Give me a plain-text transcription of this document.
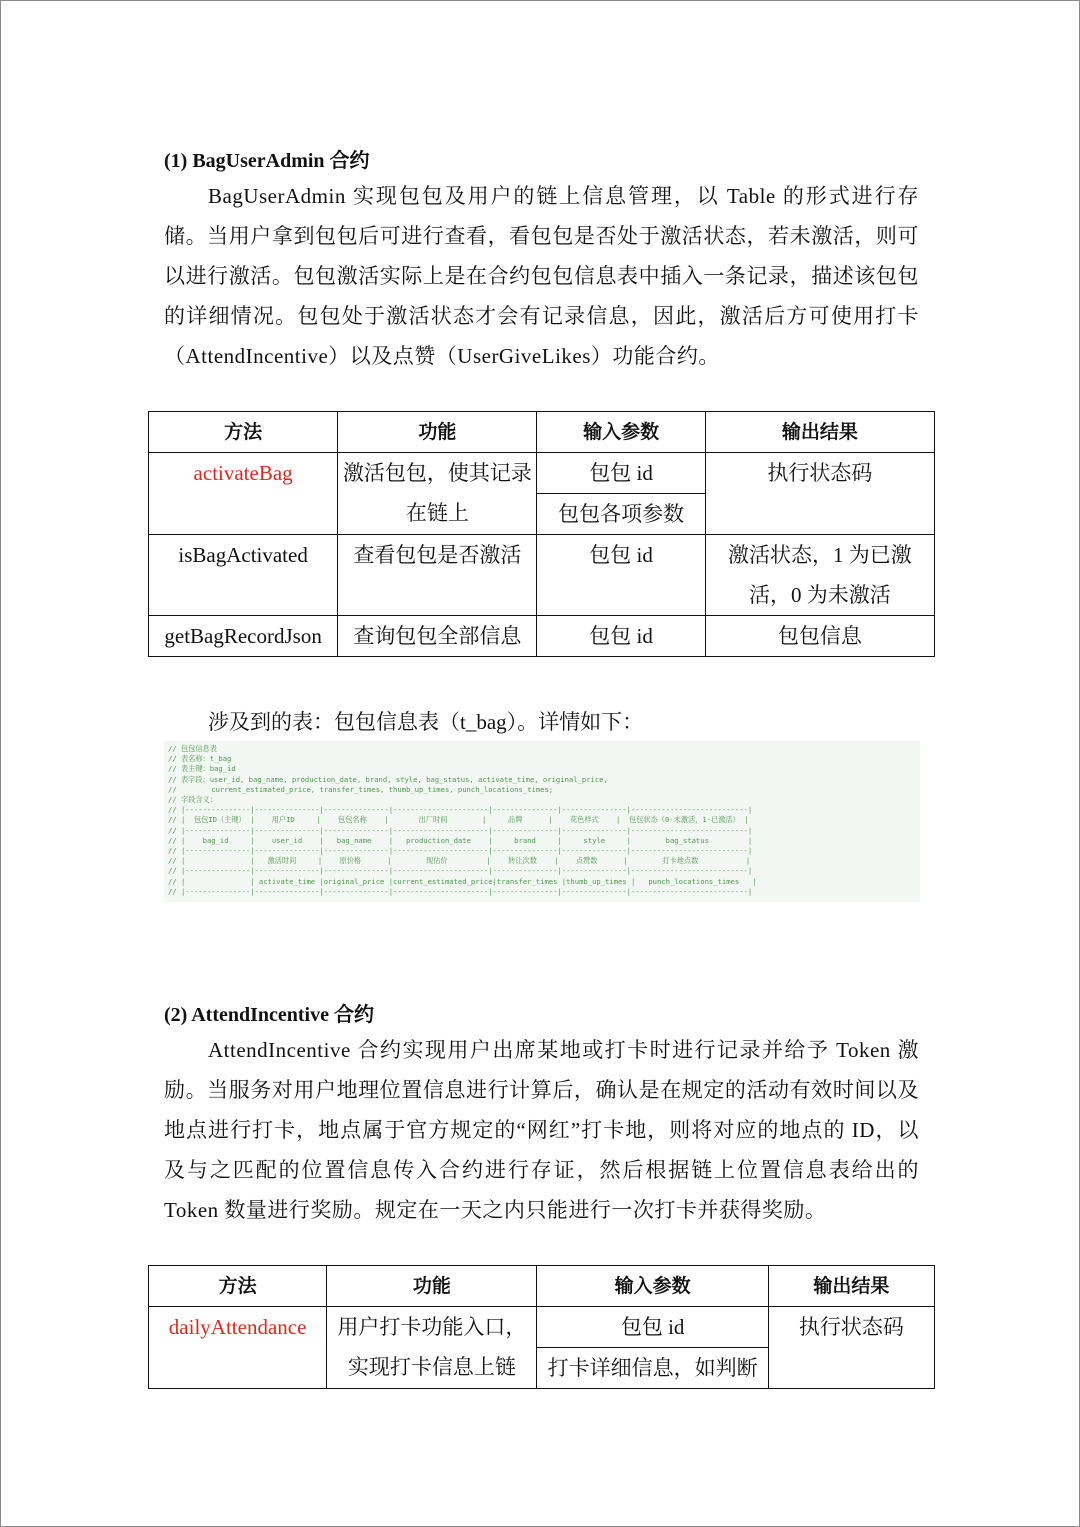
(1) BagUserAdmin 合约
BagUserAdmin 实现包包及用户的链上信息管理，以 Table 的形式进行存储。当用户拿到包包后可进行查看，看包包是否处于激活状态，若未激活，则可以进行激活。包包激活实际上是在合约包包信息表中插入一条记录，描述该包包的详细情况。包包处于激活状态才会有记录信息，因此，激活后方可使用打卡（AttendIncentive）以及点赞（UserGiveLikes）功能合约。
方法	功能	输入参数	输出结果
activateBag	激活包包，使其记录在链上	包包 id	执行状态码
		包包各项参数	
isBagActivated	查看包包是否激活	包包 id	激活状态，1 为已激活，0 为未激活
getBagRecordJson	查询包包全部信息	包包 id	包包信息
涉及到的表：包包信息表（t_bag）。详情如下：
// 包包信息表
// 表名称：t_bag
// 表主键：bag_id
// 表字段：user_id, bag_name, production_date, brand, style, bag_status, activate_time, original_price,
//        current_estimated_price, transfer_times, thumb_up_times, punch_locations_times;
// 字段含义：
// |---------------|---------------|---------------|----------------------|---------------|---------------|---------------------------|
// |  包包ID（主键） |    用户ID     |    包包名称    |       出厂时间        |     品牌      |    花色样式    |  包包状态（0-未激活，1-已激活） |
// |---------------|---------------|---------------|----------------------|---------------|---------------|---------------------------|
// |    bag_id     |    user_id    |   bag_name    |   production_date    |     brand     |     style     |        bag_status         |
// |---------------|---------------|---------------|----------------------|---------------|---------------|---------------------------|
// |               |   激活时间     |    原价格      |        现估价         |    转让次数    |    点赞数      |        打卡地点数           |
// |---------------|---------------|---------------|----------------------|---------------|---------------|---------------------------|
// |               | activate_time |original_price |current_estimated_price|transfer_times |thumb_up_times |   punch_locations_times   |
// |---------------|---------------|---------------|----------------------|---------------|---------------|---------------------------|
(2) AttendIncentive 合约
AttendIncentive 合约实现用户出席某地或打卡时进行记录并给予 Token 激励。当服务对用户地理位置信息进行计算后，确认是在规定的活动有效时间以及地点进行打卡，地点属于官方规定的“网红”打卡地，则将对应的地点的 ID，以及与之匹配的位置信息传入合约进行存证，然后根据链上位置信息表给出的 Token 数量进行奖励。规定在一天之内只能进行一次打卡并获得奖励。
方法	功能	输入参数	输出结果
dailyAttendance	用户打卡功能入口，实现打卡信息上链	包包 id	执行状态码
		打卡详细信息，如判断	
